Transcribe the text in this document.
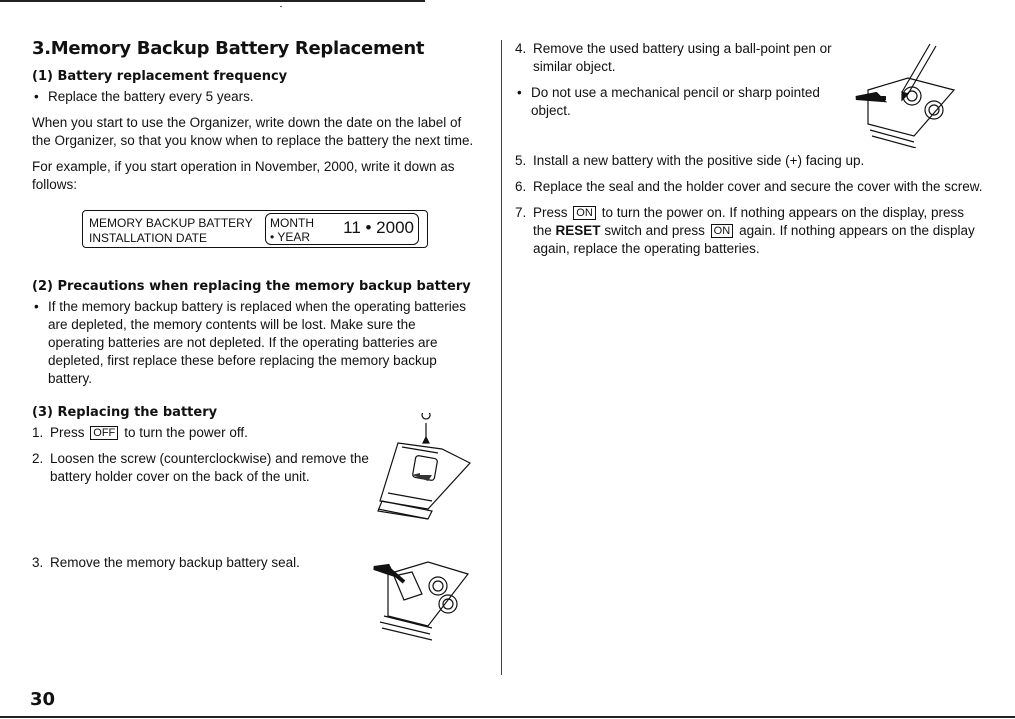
3.Memory Backup Battery Replacement
(1) Battery replacement frequency

• Replace the battery every 5 years.

When you start to use the Organizer, write down the date on the label of the Organizer, so that you know when to replace the battery the next time.

For example, if you start operation in November, 2000, write it down as follows:

MEMORY BACKUP BATTERY
INSTALLATION DATE
MONTH
• YEAR 11 • 2000
(2) Precautions when replacing the memory backup battery

• If the memory backup battery is replaced when the operating batteries are depleted, the memory contents will be lost. Make sure the operating batteries are not depleted. If the operating batteries are depleted, first replace these before replacing the memory backup battery.

(3) Replacing the battery

1. Press OFF to turn the power off.

2. Loosen the screw (counterclockwise) and remove the battery holder cover on the back of the unit.

3. Remove the memory backup battery seal.

4. Remove the used battery using a ball-point pen or similar object.

• Do not use a mechanical pencil or sharp pointed object.

5. Install a new battery with the positive side (+) facing up.

6. Replace the seal and the holder cover and secure the cover with the screw.

7. Press ON to turn the power on. If nothing appears on the display, press the RESET switch and press ON again. If nothing appears on the display again, replace the operating batteries.

30
